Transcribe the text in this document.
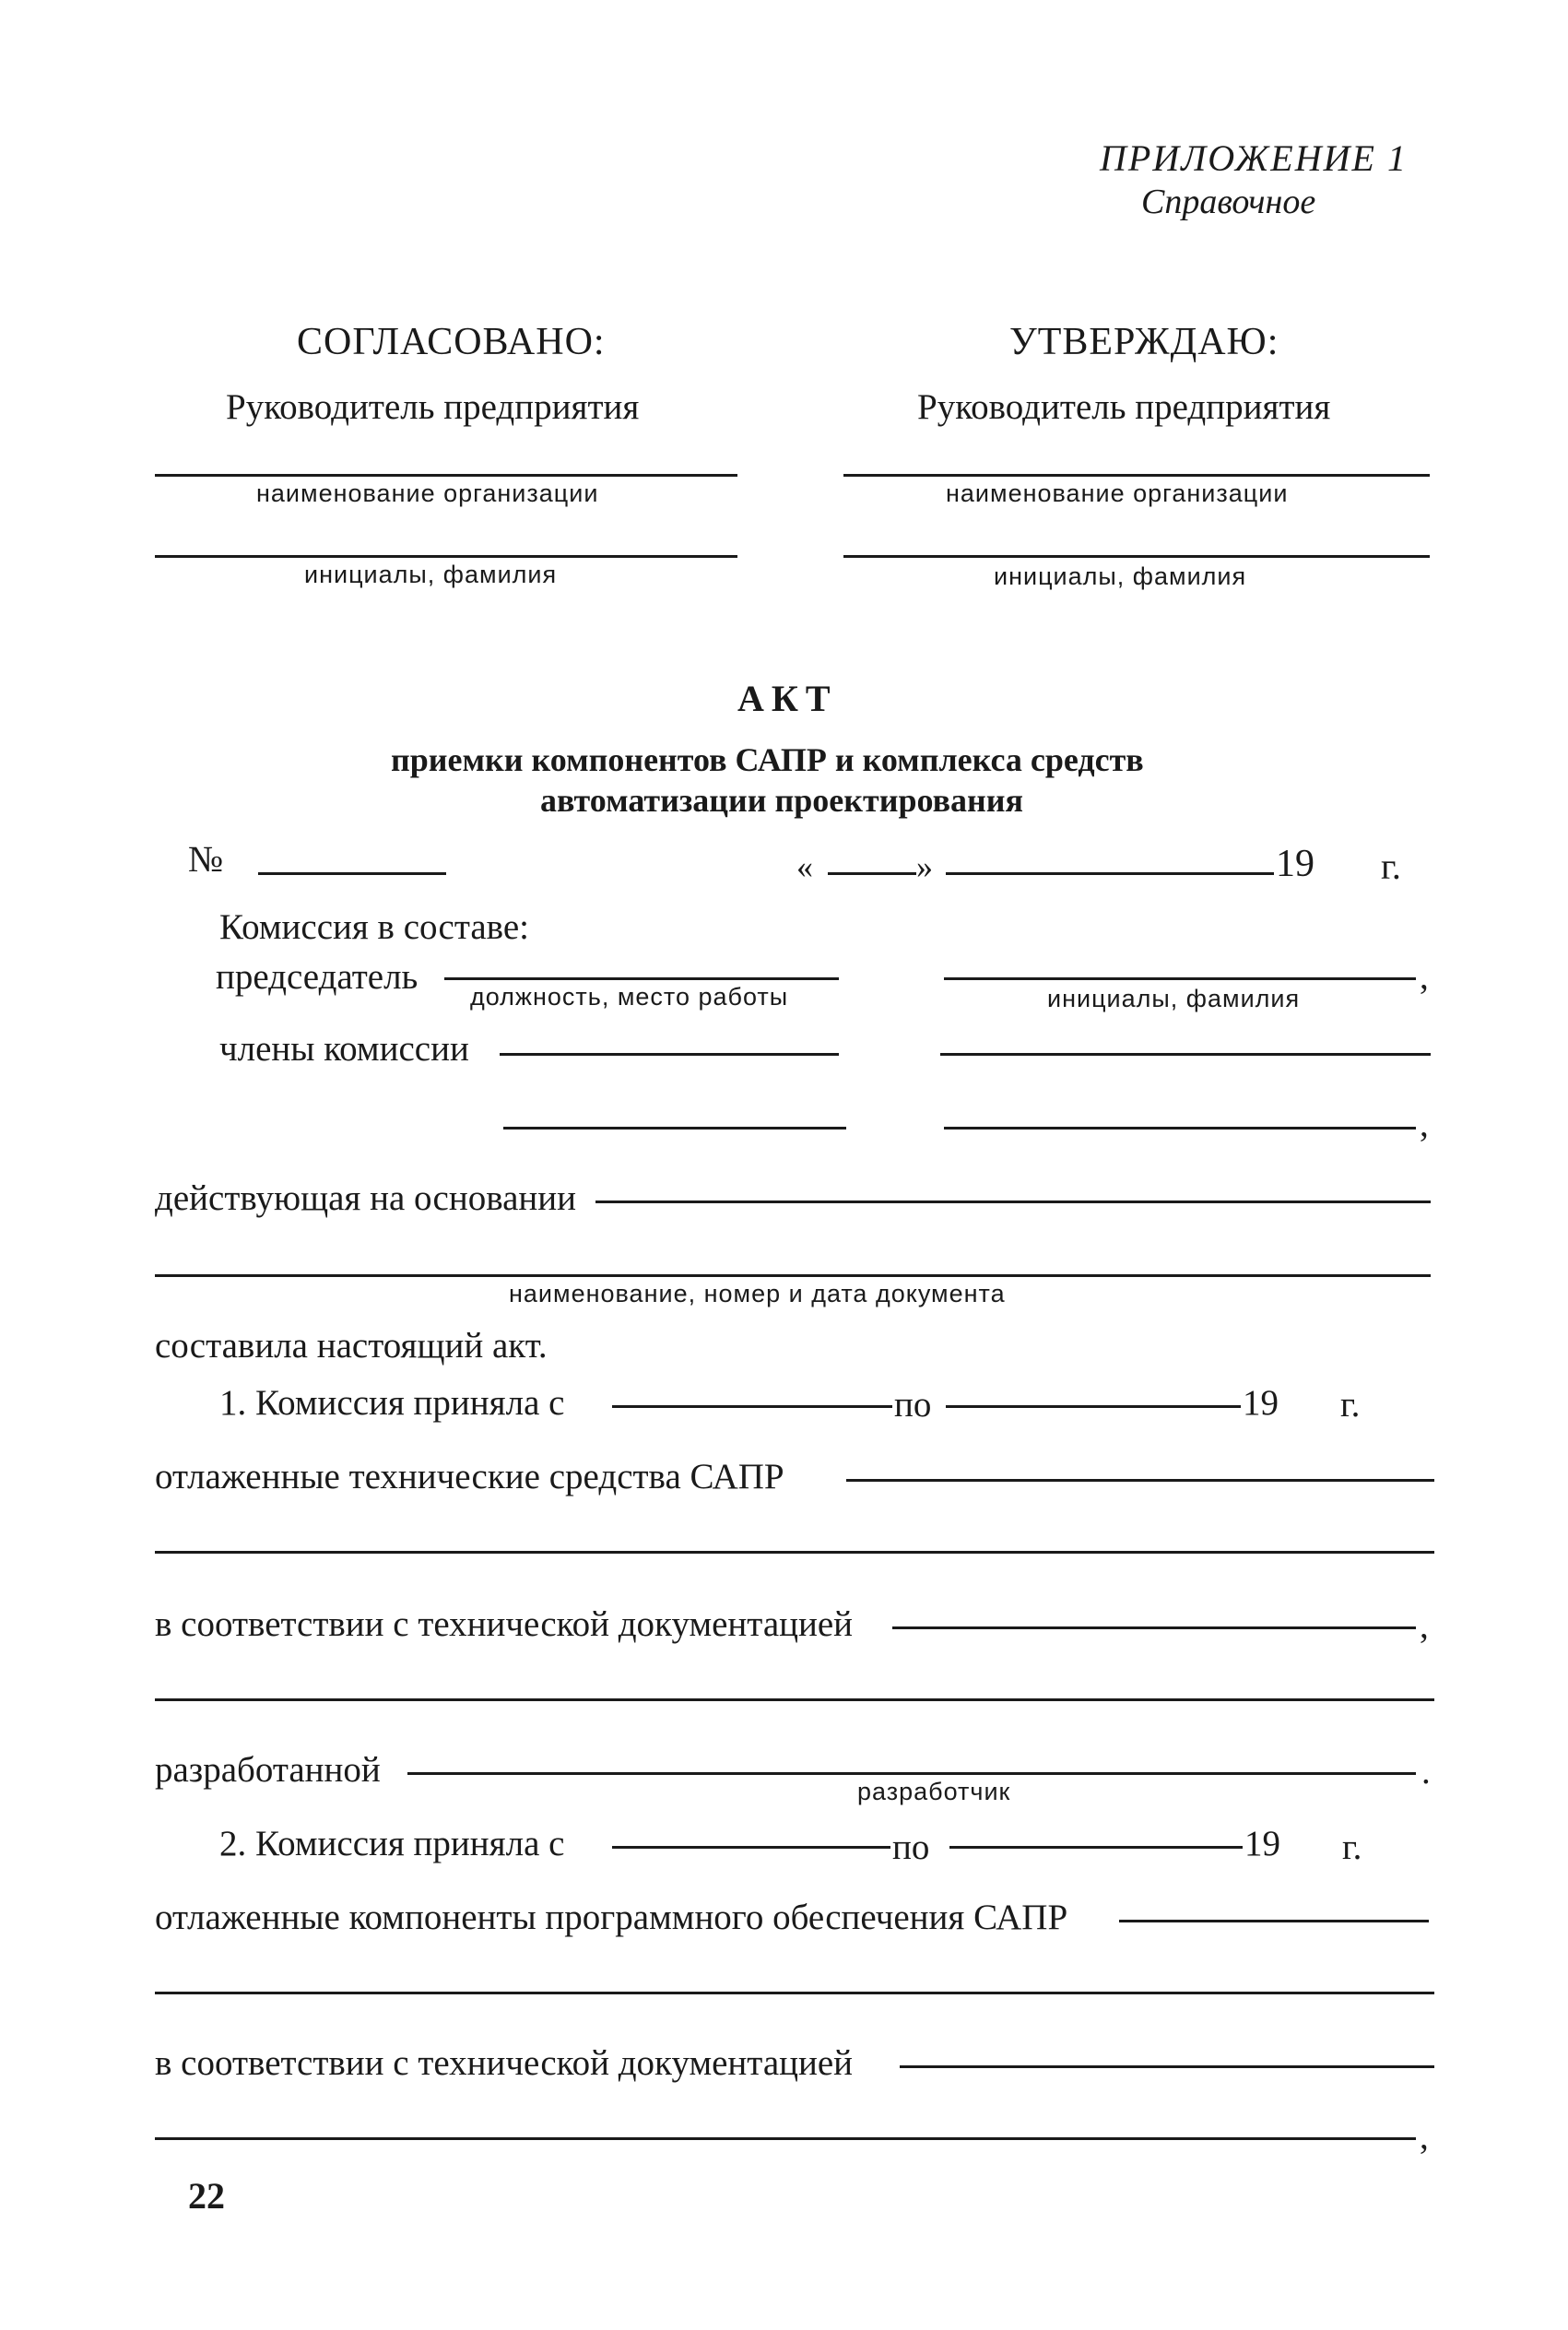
ПРИЛОЖЕНИЕ 1
Справочное
СОГЛАСОВАНО:	УТВЕРЖДАЮ:
Руководитель предприятия	Руководитель предприятия
наименование организации	наименование организации
инициалы, фамилия	инициалы, фамилия
АКТ
приемки компонентов САПР и комплекса средств
автоматизации проектирования
№	«	»	19 г.
Комиссия в составе:
председатель должность, место работы	инициалы, фамилия
,
члены комиссии
,
действующая на основании
наименование, номер и дата документа
составила настоящий акт.
1. Комиссия приняла с	по	19 г.
отлаженные технические средства САПР
в соответствии с технической документацией	,
разработанной	.
разработчик
2. Комиссия приняла с	по	19 г.
отлаженные компоненты программного обеспечения САПР
в соответствии с технической документацией
,
22
